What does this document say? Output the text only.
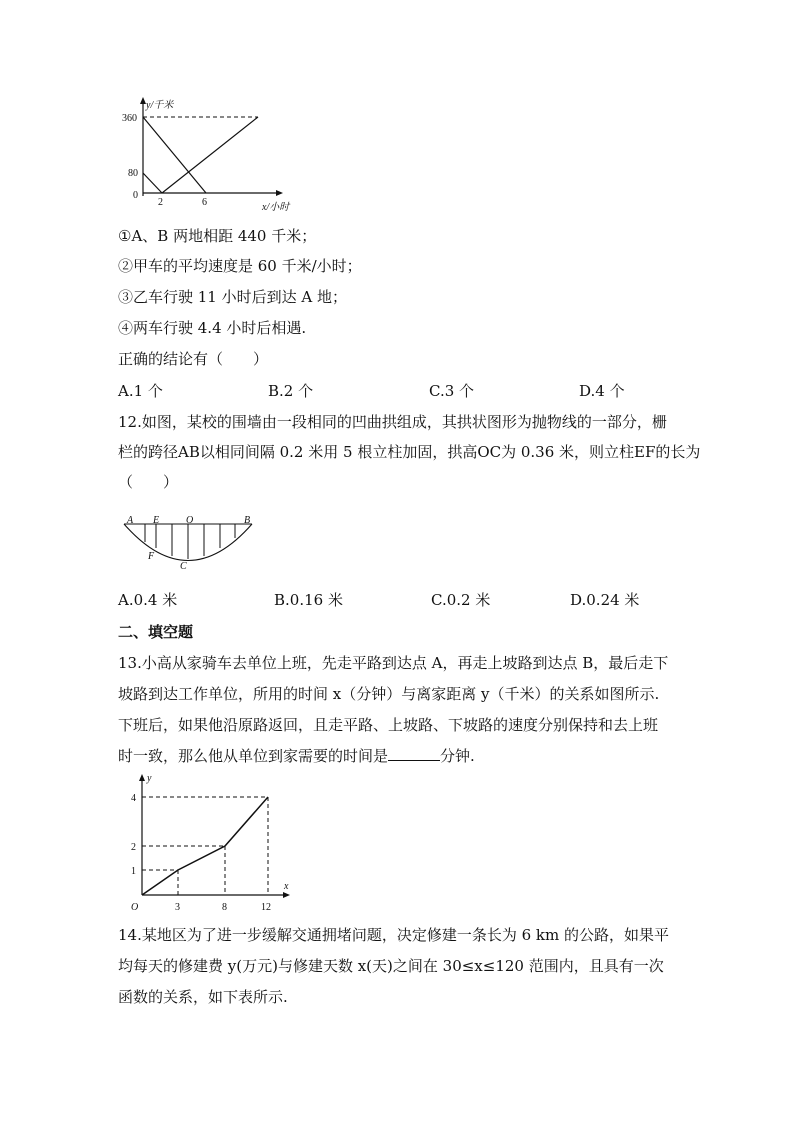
y/千米
x/小时
360
80
0
2	6
①A、B 两地相距 440 千米；
②甲车的平均速度是 60 千米/小时；
③乙车行驶 11 小时后到达 A 地；
④两车行驶 4.4 小时后相遇.
正确的结论有（　　）
A.1 个	B.2 个	C.3 个	D.4 个
12.如图，某校的围墙由一段相同的凹曲拱组成，其拱状图形为抛物线的一部分，栅
栏的跨径AB以相同间隔 0.2 米用 5 根立柱加固，拱高OC为 0.36 米，则立柱EF的长为
（　　）
A E	O	B
F
C
A.0.4 米	B.0.16 米	C.0.2 米	D.0.24 米
二、填空题
13.小高从家骑车去单位上班，先走平路到达点 A，再走上坡路到达点 B，最后走下
坡路到达工作单位，所用的时间 x（分钟）与离家距离 y（千米）的关系如图所示.
下班后，如果他沿原路返回，且走平路、上坡路、下坡路的速度分别保持和去上班
时一致，那么他从单位到家需要的时间是	分钟.
y
x
O
4
2
1
3	8	12
14.某地区为了进一步缓解交通拥堵问题，决定修建一条长为 6 km 的公路，如果平
均每天的修建费 y(万元)与修建天数 x(天)之间在 30≤x≤120 范围内，且具有一次
函数的关系，如下表所示.
